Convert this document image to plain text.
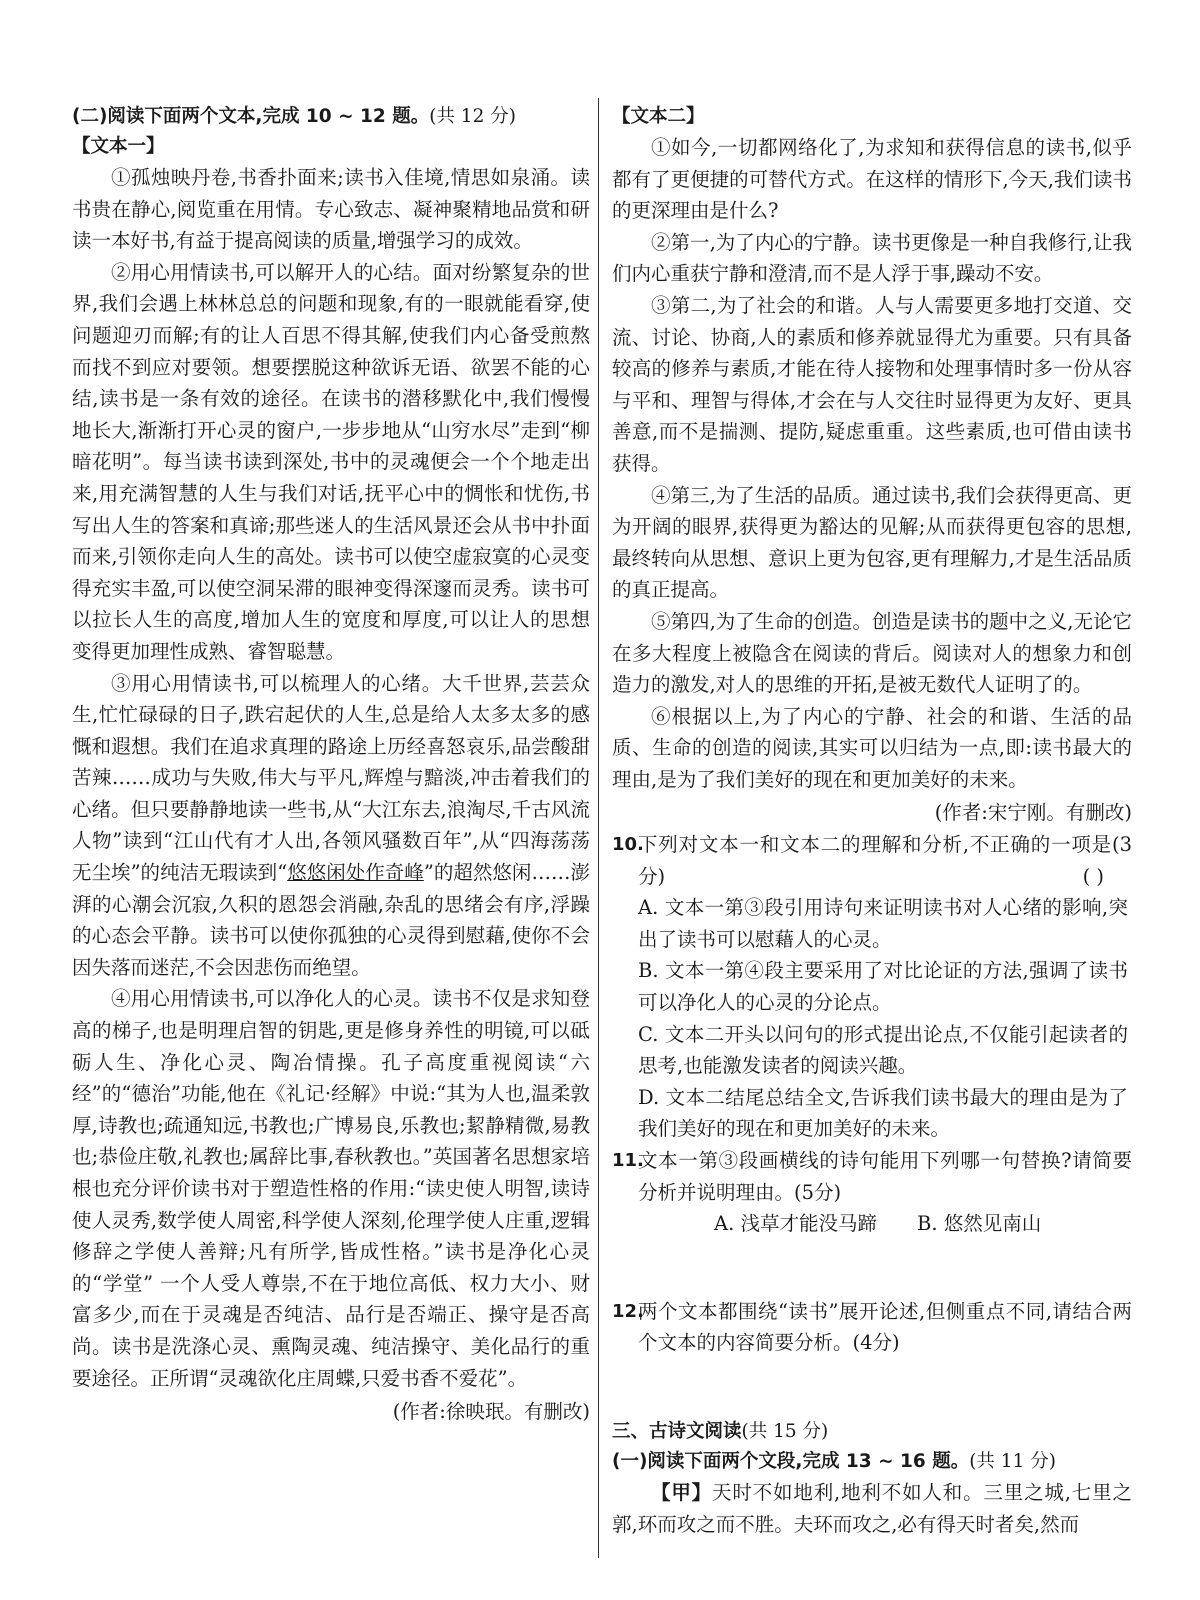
(二)阅读下面两个文本,完成 10 ~ 12 题。(共 12 分)

【文本一】

①孤烛映丹卷,书香扑面来;读书入佳境,情思如泉涌。读书贵在静心,阅览重在用情。专心致志、凝神聚精地品赏和研读一本好书,有益于提高阅读的质量,增强学习的成效。

②用心用情读书,可以解开人的心结。面对纷繁复杂的世界,我们会遇上林林总总的问题和现象,有的一眼就能看穿,使问题迎刃而解;有的让人百思不得其解,使我们内心备受煎熬而找不到应对要领。想要摆脱这种欲诉无语、欲罢不能的心结,读书是一条有效的途径。在读书的潜移默化中,我们慢慢地长大,渐渐打开心灵的窗户,一步步地从“山穷水尽”走到“柳暗花明”。每当读书读到深处,书中的灵魂便会一个个地走出来,用充满智慧的人生与我们对话,抚平心中的惆怅和忧伤,书写出人生的答案和真谛;那些迷人的生活风景还会从书中扑面而来,引领你走向人生的高处。读书可以使空虚寂寞的心灵变得充实丰盈,可以使空洞呆滞的眼神变得深邃而灵秀。读书可以拉长人生的高度,增加人生的宽度和厚度,可以让人的思想变得更加理性成熟、睿智聪慧。

③用心用情读书,可以梳理人的心绪。大千世界,芸芸众生,忙忙碌碌的日子,跌宕起伏的人生,总是给人太多太多的感慨和遐想。我们在追求真理的路途上历经喜怒哀乐,品尝酸甜苦辣……成功与失败,伟大与平凡,辉煌与黯淡,冲击着我们的心绪。但只要静静地读一些书,从“大江东去,浪淘尽,千古风流人物”读到“江山代有才人出,各领风骚数百年”,从“四海荡荡无尘埃”的纯洁无瑕读到“悠悠闲处作奇峰”的超然悠闲……澎湃的心潮会沉寂,久积的恩怨会消融,杂乱的思绪会有序,浮躁的心态会平静。读书可以使你孤独的心灵得到慰藉,使你不会因失落而迷茫,不会因悲伤而绝望。

④用心用情读书,可以净化人的心灵。读书不仅是求知登高的梯子,也是明理启智的钥匙,更是修身养性的明镜,可以砥砺人生、净化心灵、陶冶情操。孔子高度重视阅读“六经”的“德治”功能,他在《礼记·经解》中说:“其为人也,温柔敦厚,诗教也;疏通知远,书教也;广博易良,乐教也;絜静精微,易教也;恭俭庄敬,礼教也;属辞比事,春秋教也。”英国著名思想家培根也充分评价读书对于塑造性格的作用:“读史使人明智,读诗使人灵秀,数学使人周密,科学使人深刻,伦理学使人庄重,逻辑修辞之学使人善辩;凡有所学,皆成性格。”读书是净化心灵的“学堂” 一个人受人尊崇,不在于地位高低、权力大小、财富多少,而在于灵魂是否纯洁、品行是否端正、操守是否高尚。读书是洗涤心灵、熏陶灵魂、纯洁操守、美化品行的重要途径。正所谓“灵魂欲化庄周蝶,只爱书香不爱花”。

(作者:徐映珉。有删改)

【文本二】

①如今,一切都网络化了,为求知和获得信息的读书,似乎都有了更便捷的可替代方式。在这样的情形下,今天,我们读书的更深理由是什么?

②第一,为了内心的宁静。读书更像是一种自我修行,让我们内心重获宁静和澄清,而不是人浮于事,躁动不安。

③第二,为了社会的和谐。人与人需要更多地打交道、交流、讨论、协商,人的素质和修养就显得尤为重要。只有具备较高的修养与素质,才能在待人接物和处理事情时多一份从容与平和、理智与得体,才会在与人交往时显得更为友好、更具善意,而不是揣测、提防,疑虑重重。这些素质,也可借由读书获得。

④第三,为了生活的品质。通过读书,我们会获得更高、更为开阔的眼界,获得更为豁达的见解;从而获得更包容的思想,最终转向从思想、意识上更为包容,更有理解力,才是生活品质的真正提高。

⑤第四,为了生命的创造。创造是读书的题中之义,无论它在多大程度上被隐含在阅读的背后。阅读对人的想象力和创造力的激发,对人的思维的开拓,是被无数代人证明了的。

⑥根据以上,为了内心的宁静、社会的和谐、生活的品质、生命的创造的阅读,其实可以归结为一点,即:读书最大的理由,是为了我们美好的现在和更加美好的未来。

(作者:宋宁刚。有删改)

10.
下列对文本一和文本二的理解和分析,不正确的一项是(3分)	( )

A. 文本一第③段引用诗句来证明读书对人心绪的影响,突出了读书可以慰藉人的心灵。

B. 文本一第④段主要采用了对比论证的方法,强调了读书可以净化人的心灵的分论点。

C. 文本二开头以问句的形式提出论点,不仅能引起读者的思考,也能激发读者的阅读兴趣。

D. 文本二结尾总结全文,告诉我们读书最大的理由是为了我们美好的现在和更加美好的未来。

11.
文本一第③段画横线的诗句能用下列哪一句替换?请简要分析并说明理由。(5分)

A. 浅草才能没马蹄 B. 悠然见南山

12.
两个文本都围绕“读书”展开论述,但侧重点不同,请结合两个文本的内容简要分析。(4分)

三、古诗文阅读(共 15 分)

(一)阅读下面两个文段,完成 13 ~ 16 题。(共 11 分)

【甲】天时不如地利,地利不如人和。三里之城,七里之郭,环而攻之而不胜。夫环而攻之,必有得天时者矣,然而
